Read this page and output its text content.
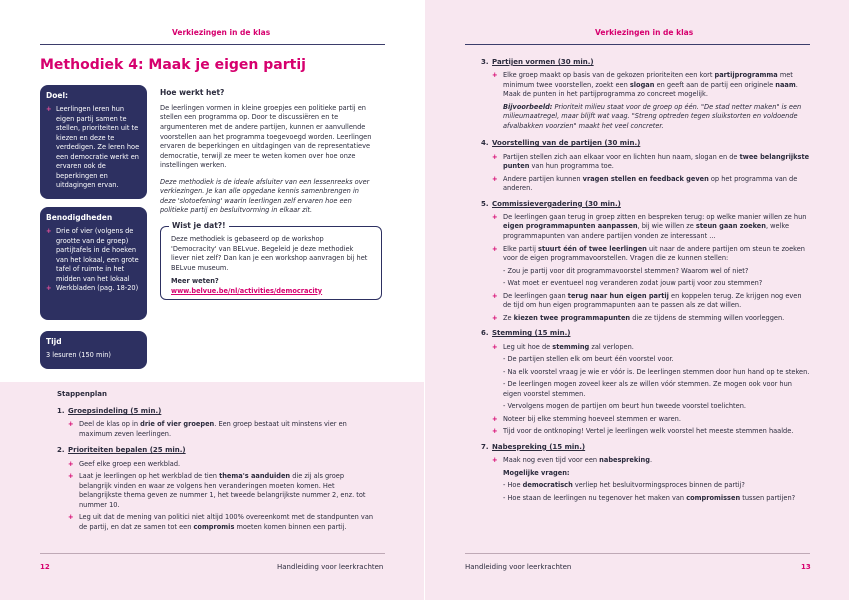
Verkiezingen in de klas
Methodiek 4: Maak je eigen partij
Doel:
+ Leerlingen leren hun eigen partij samen te stellen, prioriteiten uit te kiezen en deze te verdedigen. Ze leren hoe een democratie werkt en ervaren ook de beperkingen en uitdagingen ervan.
Benodigdheden
+ Drie of vier (volgens de grootte van de groep) partijtafels in de hoeken van het lokaal, een grote tafel of ruimte in het midden van het lokaal
+ Werkbladen (pag. 18-20)
Tijd

3 lesuren (150 min)

Hoe werkt het?

De leerlingen vormen in kleine groepjes een politieke partij en stellen een programma op. Door te discussiëren en te argumenteren met de andere partijen, kunnen er aanvullende voorstellen aan het programma toegevoegd worden. Leerlingen ervaren de beperkingen en uitdagingen van de representatieve democratie, terwijl ze meer te weten komen over hoe onze instellingen werken.

Deze methodiek is de ideale afsluiter van een lessenreeks over verkiezingen. Je kan alle opgedane kennis samenbrengen in deze 'slotoefening' waarin leerlingen zelf ervaren hoe een politieke partij en besluitvorming in elkaar zit.

Wist je dat?!

Deze methodiek is gebaseerd op de workshop 'Democracity' van BELvue. Begeleid je deze methodiek liever niet zelf? Dan kan je een workshop aanvragen bij het BELvue museum.

Meer weten? www.belvue.be/nl/activities/democracity

Stappenplan
1. Groepsindeling (5 min.)
+ Deel de klas op in drie of vier groepen. Een groep bestaat uit minstens vier en maximum zeven leerlingen.
2. Prioriteiten bepalen (25 min.)
+ Geef elke groep een werkblad.
+ Laat je leerlingen op het werkblad de tien thema's aanduiden die zij als groep belangrijk vinden en waar ze volgens hen veranderingen moeten komen. Het belangrijkste thema geven ze nummer 1, het tweede belangrijkste nummer 2, enz. tot nummer 10.
+ Leg uit dat de mening van politici niet altijd 100% overeenkomt met de standpunten van de partij, en dat ze samen tot een compromis moeten komen binnen een partij.
12	Handleiding voor leerkrachten
Verkiezingen in de klas
3. Partijen vormen (30 min.)
+ Elke groep maakt op basis van de gekozen prioriteiten een kort partijprogramma met minimum twee voorstellen, zoekt een slogan en geeft aan de partij een originele naam. Maak de punten in het partijprogramma zo concreet mogelijk.

Bijvoorbeeld: Prioriteit milieu staat voor de groep op één. "De stad netter maken" is een milieumaatregel, maar blijft wat vaag. "Streng optreden tegen sluikstorten en voldoende afvalbakken voorzien" maakt het veel concreter.

4. Voorstelling van de partijen (30 min.)
+ Partijen stellen zich aan elkaar voor en lichten hun naam, slogan en de twee belangrijkste punten van hun programma toe.
+ Andere partijen kunnen vragen stellen en feedback geven op het programma van de anderen.
5. Commissievergadering (30 min.)
+ De leerlingen gaan terug in groep zitten en bespreken terug: op welke manier willen ze hun eigen programmapunten aanpassen, bij wie willen ze steun gaan zoeken, welke programmapunten van andere partijen vonden ze interessant ...
+ Elke partij stuurt één of twee leerlingen uit naar de andere partijen om steun te zoeken voor de eigen programmavoorstellen. Vragen die ze kunnen stellen:
- Zou je partij voor dit programmavoorstel stemmen? Waarom wel of niet?
- Wat moet er eventueel nog veranderen zodat jouw partij voor zou stemmen?
+ De leerlingen gaan terug naar hun eigen partij en koppelen terug. Ze krijgen nog even de tijd om hun eigen programmapunten aan te passen als ze dat willen.
+ Ze kiezen twee programmapunten die ze tijdens de stemming willen voorleggen.
6. Stemming (15 min.)
+ Leg uit hoe de stemming zal verlopen.
- De partijen stellen elk om beurt één voorstel voor.
- Na elk voorstel vraag je wie er vóór is. De leerlingen stemmen door hun hand op te steken.
- De leerlingen mogen zoveel keer als ze willen vóór stemmen. Ze mogen ook voor hun eigen voorstel stemmen.
- Vervolgens mogen de partijen om beurt hun tweede voorstel toelichten.
+ Noteer bij elke stemming hoeveel stemmen er waren.
+ Tijd voor de ontknoping! Vertel je leerlingen welk voorstel het meeste stemmen haalde.
7. Nabespreking (15 min.)
+ Maak nog even tijd voor een nabespreking.
Mogelijke vragen:
- Hoe democratisch verliep het besluitvormingsproces binnen de partij?
- Hoe staan de leerlingen nu tegenover het maken van compromissen tussen partijen?
Handleiding voor leerkrachten	13
